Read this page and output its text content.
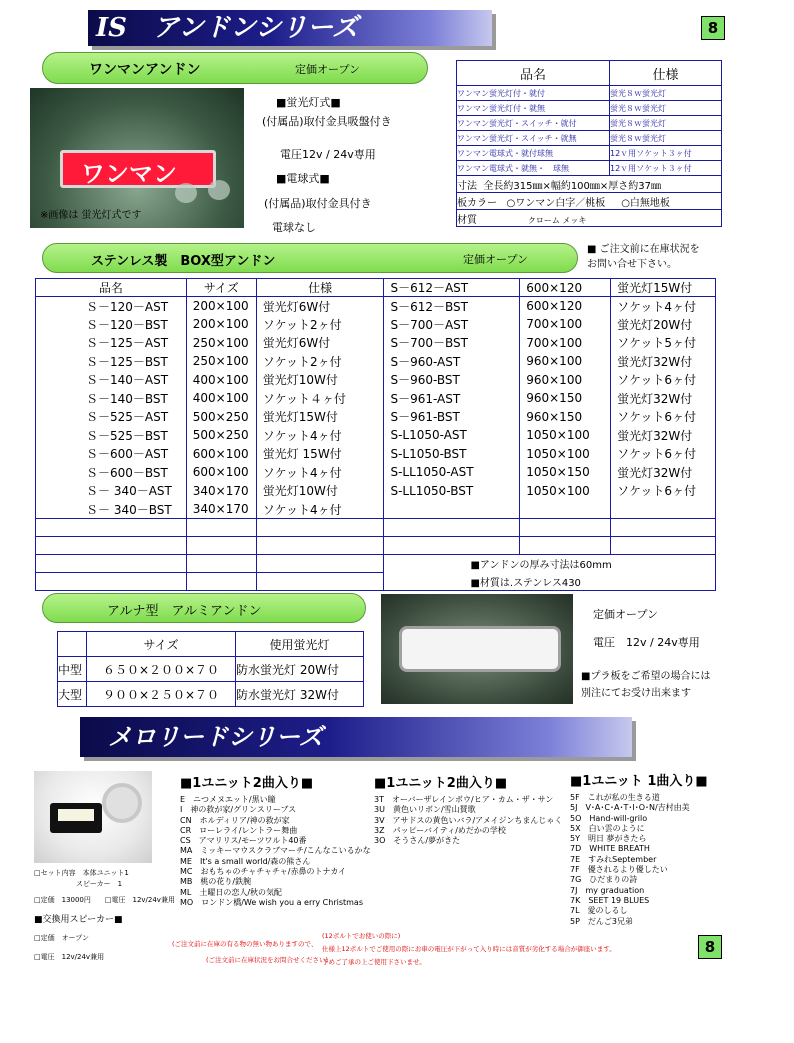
IS　アンドンシリーズ	8
ワンマンアンドン	定価オープン
ワンマン
※画像は 蛍光灯式です
■蛍光灯式■
(付属品)取付金具吸盤付き
電圧12v / 24v専用
■電球式■
(付属品)取付金具付き
電球なし
品名	仕様
ワンマン蛍光灯付・就付	蛍光８ｗ蛍光灯
ワンマン蛍光灯付・就無	蛍光８ｗ蛍光灯
ワンマン蛍光灯・スイッチ・就付	蛍光８ｗ蛍光灯
ワンマン蛍光灯・スイッチ・就無	蛍光８ｗ蛍光灯
ワンマン電球式・就付球無	12ｖ用ソケット３ヶ付
ワンマン電球式・就無・　球無	12ｖ用ソケット３ヶ付
寸法 全長約315㎜×幅約100㎜×厚さ約37㎜	
板カラー ○ワンマン白字／桃板 ○白無地板	
材質 クローム メッキ	
ステンレス製　BOX型アンドン	定価オープン
■ ご注文前に在庫状況を
お問い合せ下さい。
品名	サイズ	仕様	S－612－AST	600×120	蛍光灯15W付
Ｓ－120－AST	200×100	蛍光灯6W付	S－612－BST	600×120	ソケット4ヶ付
Ｓ－120－BST	200×100	ソケット2ヶ付	S－700－AST	700×100	蛍光灯20W付
Ｓ－125－AST	250×100	蛍光灯6W付	S－700－BST	700×100	ソケット5ヶ付
Ｓ－125－BST	250×100	ソケット2ヶ付	S－960-AST	960×100	蛍光灯32W付
Ｓ－140－AST	400×100	蛍光灯10W付	S－960-BST	960×100	ソケット6ヶ付
Ｓ－140－BST	400×100	ソケット４ヶ付	S－961-AST	960×150	蛍光灯32W付
Ｓ－525－AST	500×250	蛍光灯15W付	S－961-BST	960×150	ソケット6ヶ付
Ｓ－525－BST	500×250	ソケット4ヶ付	S-L1050-AST	1050×100	蛍光灯32W付
Ｓ－600－AST	600×100	蛍光灯 15W付	S-L1050-BST	1050×100	ソケット6ヶ付
Ｓ－600－BST	600×100	ソケット4ヶ付	S-LL1050-AST	1050×150	蛍光灯32W付
Ｓ－ 340－AST	340×170	蛍光灯10W付	S-LL1050-BST	1050×100	ソケット6ヶ付
Ｓ－ 340－BST	340×170	ソケット4ヶ付			

			■アンドンの厚み寸法は60mm		
			■材質は.ステンレス430		
アルナ型　アルミアンドン
	サイズ	使用蛍光灯
中型	６５０×２００×７０	防水蛍光灯 20W付
大型	９００×２５０×７０	防水蛍光灯 32W付
定価オープン
電圧　12v / 24v専用
■プラ板をご希望の場合には
別注にてお受け出来ます
メロリードシリーズ
□セット内容　本体ユニット1
　　　　　　スピーカー　1
□定価　13000円　　□電圧　12v/24v兼用
■交換用スピーカー■
□定価　オープン
□電圧　12v/24v兼用
■1ユニット2曲入り■
E　ニつメヌエット/黒い瞳
I　神の救が家/グリンスリーブス
CN　ホルディリア/神の救が家
CR　ローレライ/レントラー舞曲
CS　アマリリス/モーツワルト40番
MA　ミッキーマウスクラブマーチ/こんなこいるかな
ME　It's a small world/森の熊さん
MC　おもちゃのチャチャチャ/赤鼻のトナカイ
MB　桃の花り/鉄腕
ML　土曜日の恋人/秋の気配
MO　ロンドン橋/We wish you a erry Christmas
■1ユニット2曲入り■
3T　オーバーザレインボウ/ヒア・カム・ザ・サン
3U　黄色いリボン/雪山賛歌
3V　アサドスの黄色いバラ/アメイジンちまんじゃく
3Z　パッピーバイティ/めだかの学校
3O　そうさん/夢がきた
■1ユニット 1曲入り■
5F　これが私の生きる道
5J　V･A･C･A･T･I･O･N/吉村由美
5O　Hand-will-grilo
5X　白い雲のように
5Y　明日 夢がきたら
7D　WHITE BREATH
7E　すみれSeptember
7F　優されるより優したい
7G　ひだまりの詩
7J　my graduation
7K　SEET 19 BLUES
7L　愛のしるし
5P　だんご3兄弟
(ご注文前に在庫の有る物の無い物ありますので、
(ご注文前に在庫状況をお問合せください)
(12ボルトでお使いの際に)
仕様上12ボルトでご使用の際にお車の電圧が下がって入り時には音質が劣化する場合が御座います。
予めご了承の上ご使用下さいませ。
8
